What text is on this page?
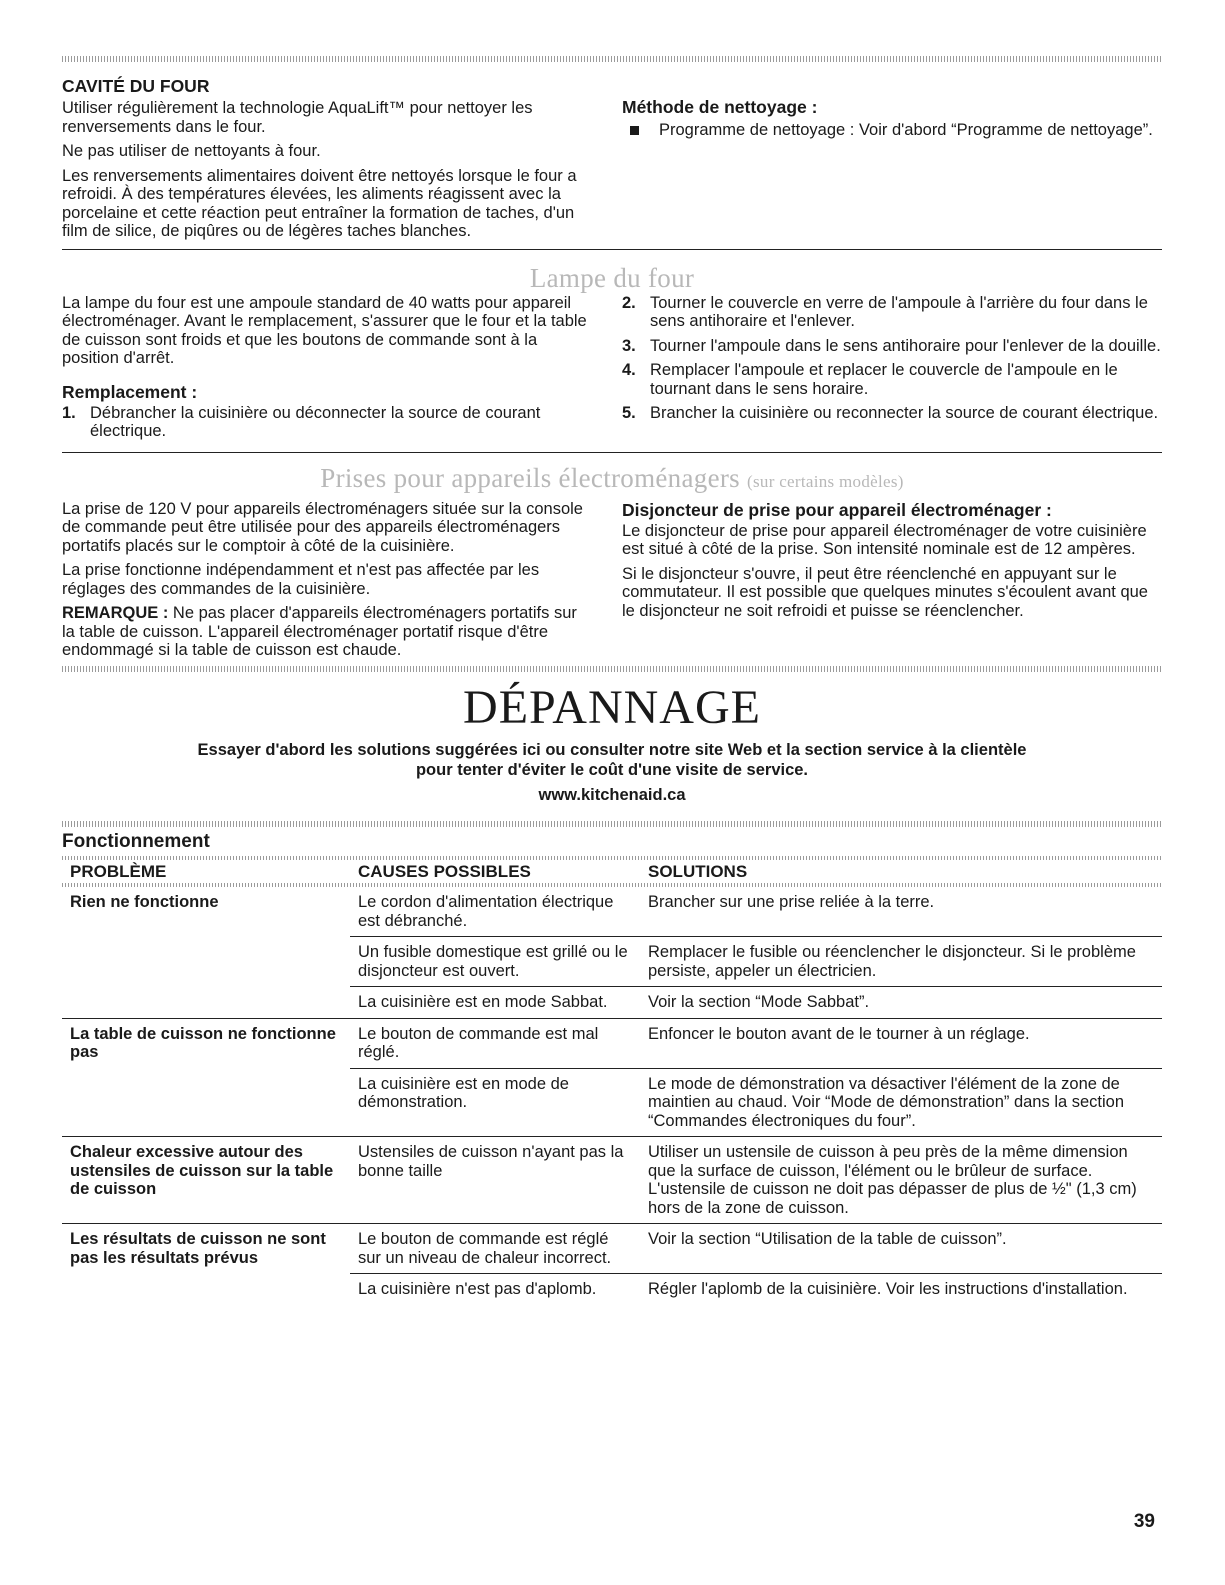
CAVITÉ DU FOUR

Utiliser régulièrement la technologie AquaLift™ pour nettoyer les renversements dans le four.

Ne pas utiliser de nettoyants à four.

Les renversements alimentaires doivent être nettoyés lorsque le four a refroidi. À des températures élevées, les aliments réagissent avec la porcelaine et cette réaction peut entraîner la formation de taches, d'un film de silice, de piqûres ou de légères taches blanches.

Méthode de nettoyage :
Programme de nettoyage : Voir d'abord “Programme de nettoyage”.
Lampe du four

La lampe du four est une ampoule standard de 40 watts pour appareil électroménager. Avant le remplacement, s'assurer que le four et la table de cuisson sont froids et que les boutons de commande sont à la position d'arrêt.

Remplacement :
1. Débrancher la cuisinière ou déconnecter la source de courant électrique.
2. Tourner le couvercle en verre de l'ampoule à l'arrière du four dans le sens antihoraire et l'enlever.
3. Tourner l'ampoule dans le sens antihoraire pour l'enlever de la douille.
4. Remplacer l'ampoule et replacer le couvercle de l'ampoule en le tournant dans le sens horaire.
5. Brancher la cuisinière ou reconnecter la source de courant électrique.
Prises pour appareils électroménagers (sur certains modèles)

La prise de 120 V pour appareils électroménagers située sur la console de commande peut être utilisée pour des appareils électroménagers portatifs placés sur le comptoir à côté de la cuisinière.

La prise fonctionne indépendamment et n'est pas affectée par les réglages des commandes de la cuisinière.

REMARQUE : Ne pas placer d'appareils électroménagers portatifs sur la table de cuisson. L'appareil électroménager portatif risque d'être endommagé si la table de cuisson est chaude.

Disjoncteur de prise pour appareil électroménager :

Le disjoncteur de prise pour appareil électroménager de votre cuisinière est situé à côté de la prise. Son intensité nominale est de 12 ampères.

Si le disjoncteur s'ouvre, il peut être réenclenché en appuyant sur le commutateur. Il est possible que quelques minutes s'écoulent avant que le disjoncteur ne soit refroidi et puisse se réenclencher.

DÉPANNAGE
Essayer d'abord les solutions suggérées ici ou consulter notre site Web et la section service à la clientèle
pour tenter d'éviter le coût d'une visite de service.
www.kitchenaid.ca
Fonctionnement
PROBLÈME	CAUSES POSSIBLES	SOLUTIONS

Rien ne fonctionne	Le cordon d'alimentation électrique est débranché.	Brancher sur une prise reliée à la terre.
	Un fusible domestique est grillé ou le disjoncteur est ouvert.	Remplacer le fusible ou réenclencher le disjoncteur. Si le problème persiste, appeler un électricien.
	La cuisinière est en mode Sabbat.	Voir la section “Mode Sabbat”.
La table de cuisson ne fonctionne pas	Le bouton de commande est mal réglé.	Enfoncer le bouton avant de le tourner à un réglage.
	La cuisinière est en mode de démonstration.	Le mode de démonstration va désactiver l'élément de la zone de maintien au chaud. Voir “Mode de démonstration” dans la section “Commandes électroniques du four”.
Chaleur excessive autour des ustensiles de cuisson sur la table de cuisson	Ustensiles de cuisson n'ayant pas la bonne taille	Utiliser un ustensile de cuisson à peu près de la même dimension que la surface de cuisson, l'élément ou le brûleur de surface. L'ustensile de cuisson ne doit pas dépasser de plus de ½" (1,3 cm) hors de la zone de cuisson.
Les résultats de cuisson ne sont pas les résultats prévus	Le bouton de commande est réglé sur un niveau de chaleur incorrect.	Voir la section “Utilisation de la table de cuisson”.
	La cuisinière n'est pas d'aplomb.	Régler l'aplomb de la cuisinière. Voir les instructions d'installation.
39
